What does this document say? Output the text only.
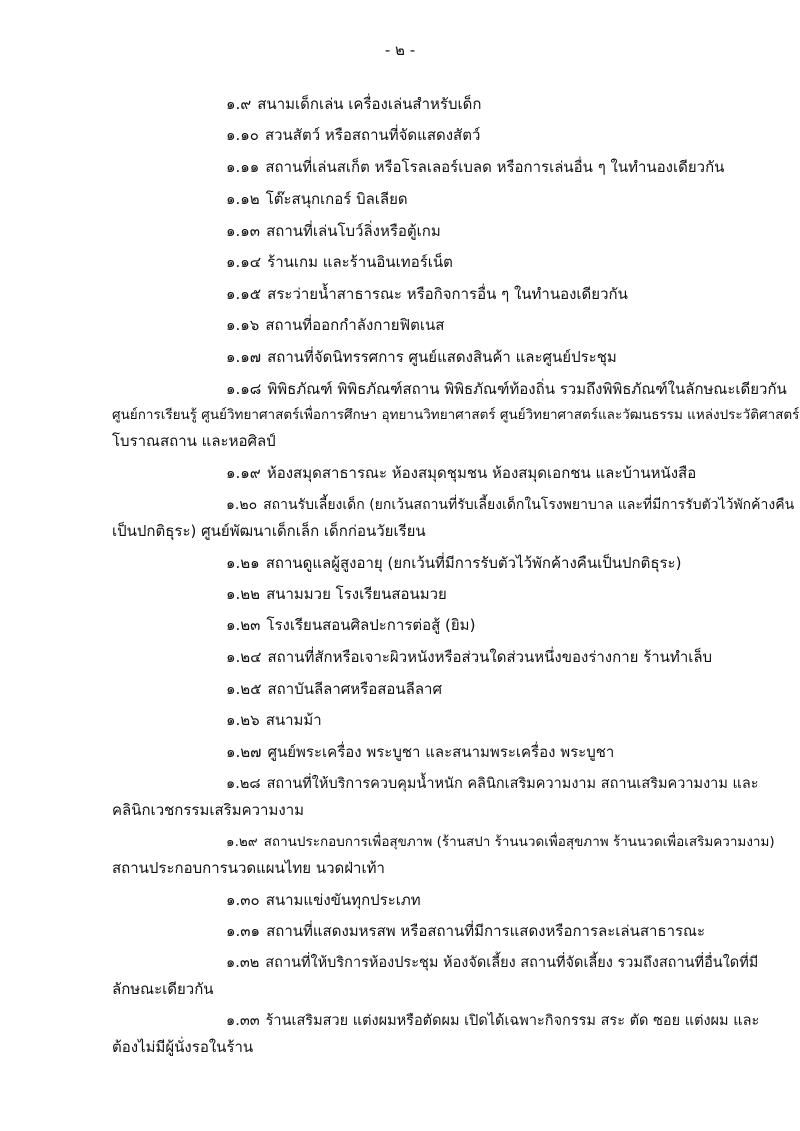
- ๒ -
๑.๙ สนามเด็กเล่น เครื่องเล่นสำหรับเด็ก
๑.๑๐ สวนสัตว์ หรือสถานที่จัดแสดงสัตว์
๑.๑๑ สถานที่เล่นสเก็ต หรือโรลเลอร์เบลด หรือการเล่นอื่น ๆ ในทำนองเดียวกัน
๑.๑๒ โต๊ะสนุกเกอร์ บิลเลียด
๑.๑๓ สถานที่เล่นโบว์ลิ่งหรือตู้เกม
๑.๑๔ ร้านเกม และร้านอินเทอร์เน็ต
๑.๑๕ สระว่ายน้ำสาธารณะ หรือกิจการอื่น ๆ ในทำนองเดียวกัน
๑.๑๖ สถานที่ออกกำลังกายฟิตเนส
๑.๑๗ สถานที่จัดนิทรรศการ ศูนย์แสดงสินค้า และศูนย์ประชุม
๑.๑๘ พิพิธภัณฑ์ พิพิธภัณฑ์สถาน พิพิธภัณฑ์ท้องถิ่น รวมถึงพิพิธภัณฑ์ในลักษณะเดียวกัน
ศูนย์การเรียนรู้ ศูนย์วิทยาศาสตร์เพื่อการศึกษา อุทยานวิทยาศาสตร์ ศูนย์วิทยาศาสตร์และวัฒนธรรม แหล่งประวัติศาสตร์
โบราณสถาน และหอศิลป์
๑.๑๙ ห้องสมุดสาธารณะ ห้องสมุดชุมชน ห้องสมุดเอกชน และบ้านหนังสือ
๑.๒๐ สถานรับเลี้ยงเด็ก (ยกเว้นสถานที่รับเลี้ยงเด็กในโรงพยาบาล และที่มีการรับตัวไว้พักค้างคืน
เป็นปกติธุระ) ศูนย์พัฒนาเด็กเล็ก เด็กก่อนวัยเรียน
๑.๒๑ สถานดูแลผู้สูงอายุ (ยกเว้นที่มีการรับตัวไว้พักค้างคืนเป็นปกติธุระ)
๑.๒๒ สนามมวย โรงเรียนสอนมวย
๑.๒๓ โรงเรียนสอนศิลปะการต่อสู้ (ยิม)
๑.๒๔ สถานที่สักหรือเจาะผิวหนังหรือส่วนใดส่วนหนึ่งของร่างกาย ร้านทำเล็บ
๑.๒๕ สถาบันลีลาศหรือสอนลีลาศ
๑.๒๖ สนามม้า
๑.๒๗ ศูนย์พระเครื่อง พระบูชา และสนามพระเครื่อง พระบูชา
๑.๒๘ สถานที่ให้บริการควบคุมน้ำหนัก คลินิกเสริมความงาม สถานเสริมความงาม และ
คลินิกเวชกรรมเสริมความงาม
๑.๒๙ สถานประกอบการเพื่อสุขภาพ (ร้านสปา ร้านนวดเพื่อสุขภาพ ร้านนวดเพื่อเสริมความงาม)
สถานประกอบการนวดแผนไทย นวดฝ่าเท้า
๑.๓๐ สนามแข่งขันทุกประเภท
๑.๓๑ สถานที่แสดงมหรสพ หรือสถานที่มีการแสดงหรือการละเล่นสาธารณะ
๑.๓๒ สถานที่ให้บริการห้องประชุม ห้องจัดเลี้ยง สถานที่จัดเลี้ยง รวมถึงสถานที่อื่นใดที่มี
ลักษณะเดียวกัน
๑.๓๓ ร้านเสริมสวย แต่งผมหรือตัดผม เปิดได้เฉพาะกิจกรรม สระ ตัด ซอย แต่งผม และ
ต้องไม่มีผู้นั่งรอในร้าน
